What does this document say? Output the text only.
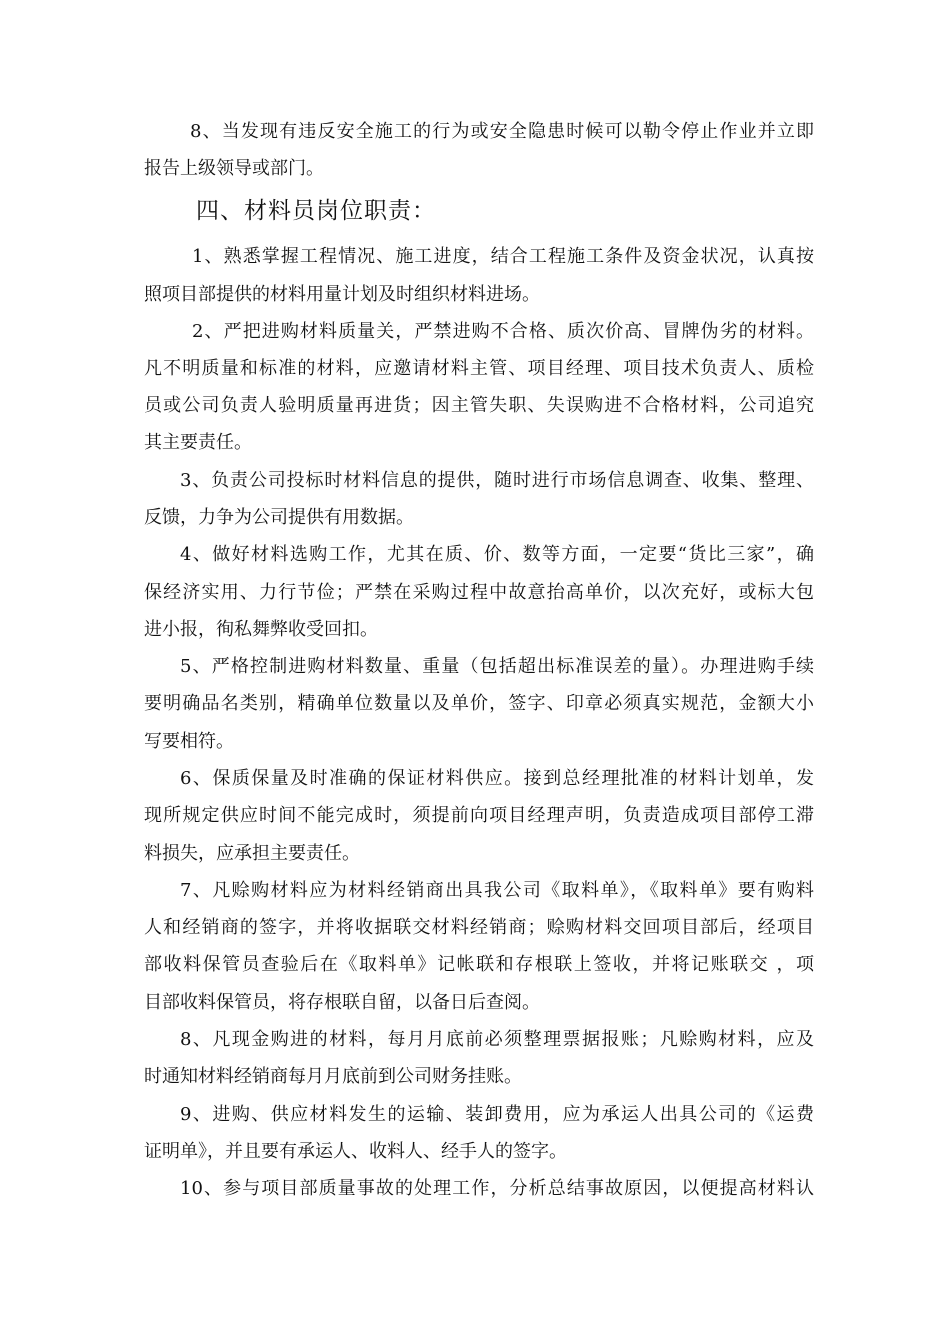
8、当发现有违反安全施工的行为或安全隐患时候可以勒令停止作业并立即
报告上级领导或部门。
四、材料员岗位职责：
1、熟悉掌握工程情况、施工进度，结合工程施工条件及资金状况，认真按
照项目部提供的材料用量计划及时组织材料进场。
2、严把进购材料质量关，严禁进购不合格、质次价高、冒牌伪劣的材料。
凡不明质量和标准的材料，应邀请材料主管、项目经理、项目技术负责人、质检
员或公司负责人验明质量再进货；因主管失职、失误购进不合格材料，公司追究
其主要责任。
3、负责公司投标时材料信息的提供，随时进行市场信息调查、收集、整理、
反馈，力争为公司提供有用数据。
4、做好材料选购工作，尤其在质、价、数等方面，一定要“货比三家”，确
保经济实用、力行节俭；严禁在采购过程中故意抬高单价，以次充好，或标大包
进小报，徇私舞弊收受回扣。
5、严格控制进购材料数量、重量（包括超出标准误差的量）。办理进购手续
要明确品名类别，精确单位数量以及单价，签字、印章必须真实规范，金额大小
写要相符。
6、保质保量及时准确的保证材料供应。接到总经理批准的材料计划单，发
现所规定供应时间不能完成时，须提前向项目经理声明，负责造成项目部停工滞
料损失，应承担主要责任。
7、凡赊购材料应为材料经销商出具我公司《取料单》，《取料单》要有购料
人和经销商的签字，并将收据联交材料经销商；赊购材料交回项目部后，经项目
部收料保管员查验后在《取料单》记帐联和存根联上签收，并将记账联交 ，项
目部收料保管员，将存根联自留，以备日后查阅。
8、凡现金购进的材料，每月月底前必须整理票据报账；凡赊购材料，应及
时通知材料经销商每月月底前到公司财务挂账。
9、进购、供应材料发生的运输、装卸费用，应为承运人出具公司的《运费
证明单》，并且要有承运人、收料人、经手人的签字。
10、参与项目部质量事故的处理工作，分析总结事故原因，以便提高材料认
